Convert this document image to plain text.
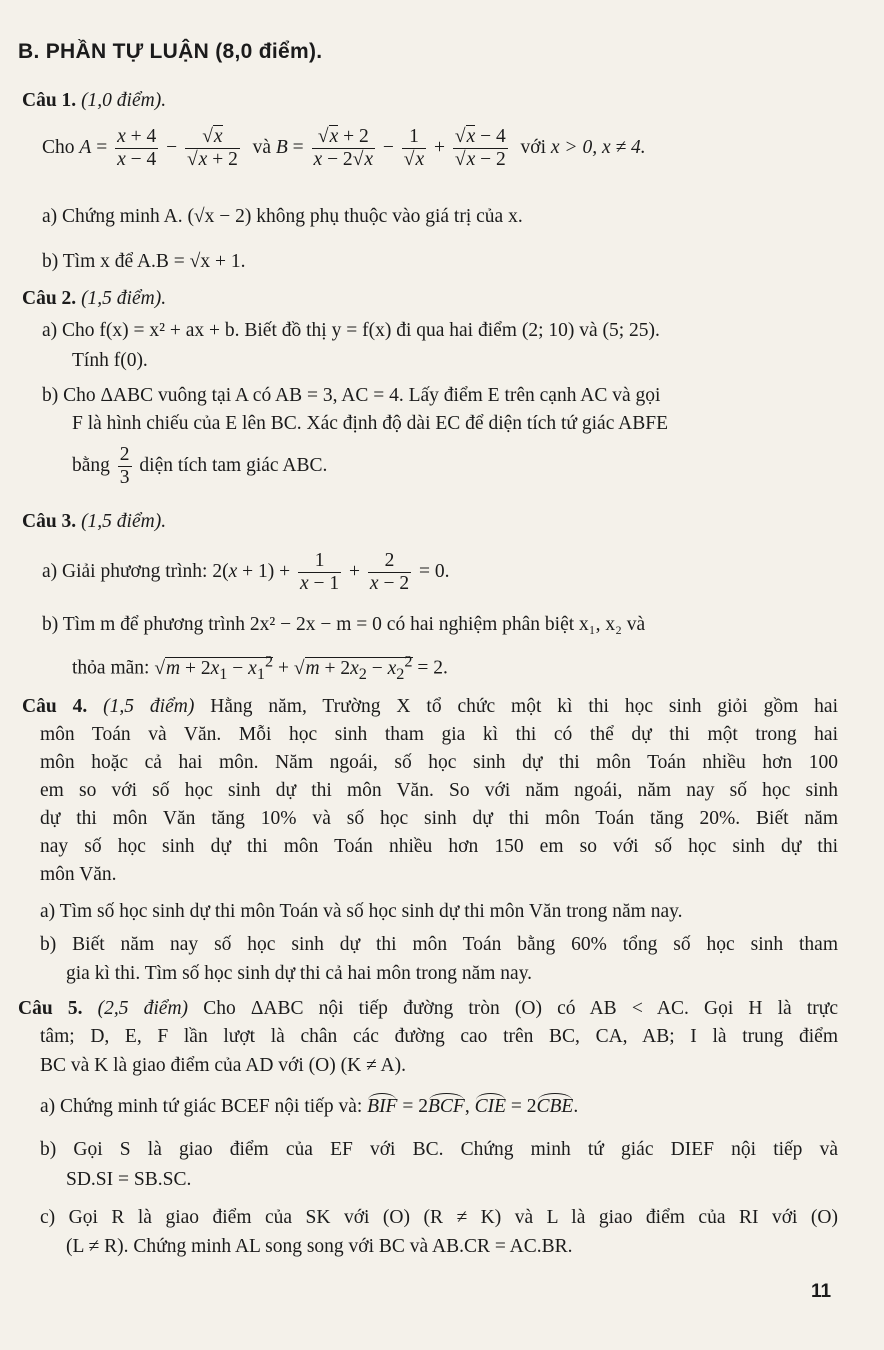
B. PHẦN TỰ LUẬN (8,0 điểm).
Câu 1. (1,0 điểm).
Cho $A = \frac{x + 4}{x - 4}$ − √ x
√ x + 2 và B = √ $\frac{x + 2}{x - 2 √ x} - 1$
√ x + √ x − 4
√ x − 2 với x > 0, x ≠ 4.
a) Chứng minh A. (√x − 2) không phụ thuộc vào giá trị của x.
b) Tìm x để A.B = √x + 1.
Câu 2. (1,5 điểm).
a) Cho f(x) = x² + ax + b. Biết đồ thị y = f(x) đi qua hai điểm (2; 10) và (5; 25).
Tính f(0).
b) Cho ΔABC vuông tại A có AB = 3, AC = 4. Lấy điểm E trên cạnh AC và gọi
F là hình chiếu của E lên BC. Xác định độ dài EC để diện tích tứ giác ABFE
bằng $\frac{2}{3}$ diện tích tam giác ABC.
Câu 3. (1,5 điểm).
a) Giải phương trình: $2(x + 1) + \frac{1}{x - 1} + \frac{2}{x - 2} = 0$.
b) Tìm m để phương trình 2x² − 2x − m = 0 có hai nghiệm phân biệt x₁, x₂ và
thỏa mãn: √ $m + 2x_1 - x_1^2$ + √ $m + 2x_2 - x_2^2 = 2$.
Câu 4. (1,5 điểm) Hằng năm, Trường X tổ chức một kì thi học sinh giỏi gồm hai
môn Toán và Văn. Mỗi học sinh tham gia kì thi có thể dự thi một trong hai
môn hoặc cả hai môn. Năm ngoái, số học sinh dự thi môn Toán nhiều hơn 100
em so với số học sinh dự thi môn Văn. So với năm ngoái, năm nay số học sinh
dự thi môn Văn tăng 10% và số học sinh dự thi môn Toán tăng 20%. Biết năm
nay số học sinh dự thi môn Toán nhiều hơn 150 em so với số học sinh dự thi
môn Văn.
a) Tìm số học sinh dự thi môn Toán và số học sinh dự thi môn Văn trong năm nay.
b) Biết năm nay số học sinh dự thi môn Toán bằng 60% tổng số học sinh tham
gia kì thi. Tìm số học sinh dự thi cả hai môn trong năm nay.
Câu 5. (2,5 điểm) Cho ΔABC nội tiếp đường tròn (O) có AB < AC. Gọi H là trực
tâm; D, E, F lần lượt là chân các đường cao trên BC, CA, AB; I là trung điểm
BC và K là giao điểm của AD với (O) (K ≠ A).
a) Chứng minh tứ giác BCEF nội tiếp và: BIF = 2BCF, CIE = 2CBE.
b) Gọi S là giao điểm của EF với BC. Chứng minh tứ giác DIEF nội tiếp và
SD.SI = SB.SC.
c) Gọi R là giao điểm của SK với (O) (R ≠ K) và L là giao điểm của RI với (O)
(L ≠ R). Chứng minh AL song song với BC và AB.CR = AC.BR.
11
